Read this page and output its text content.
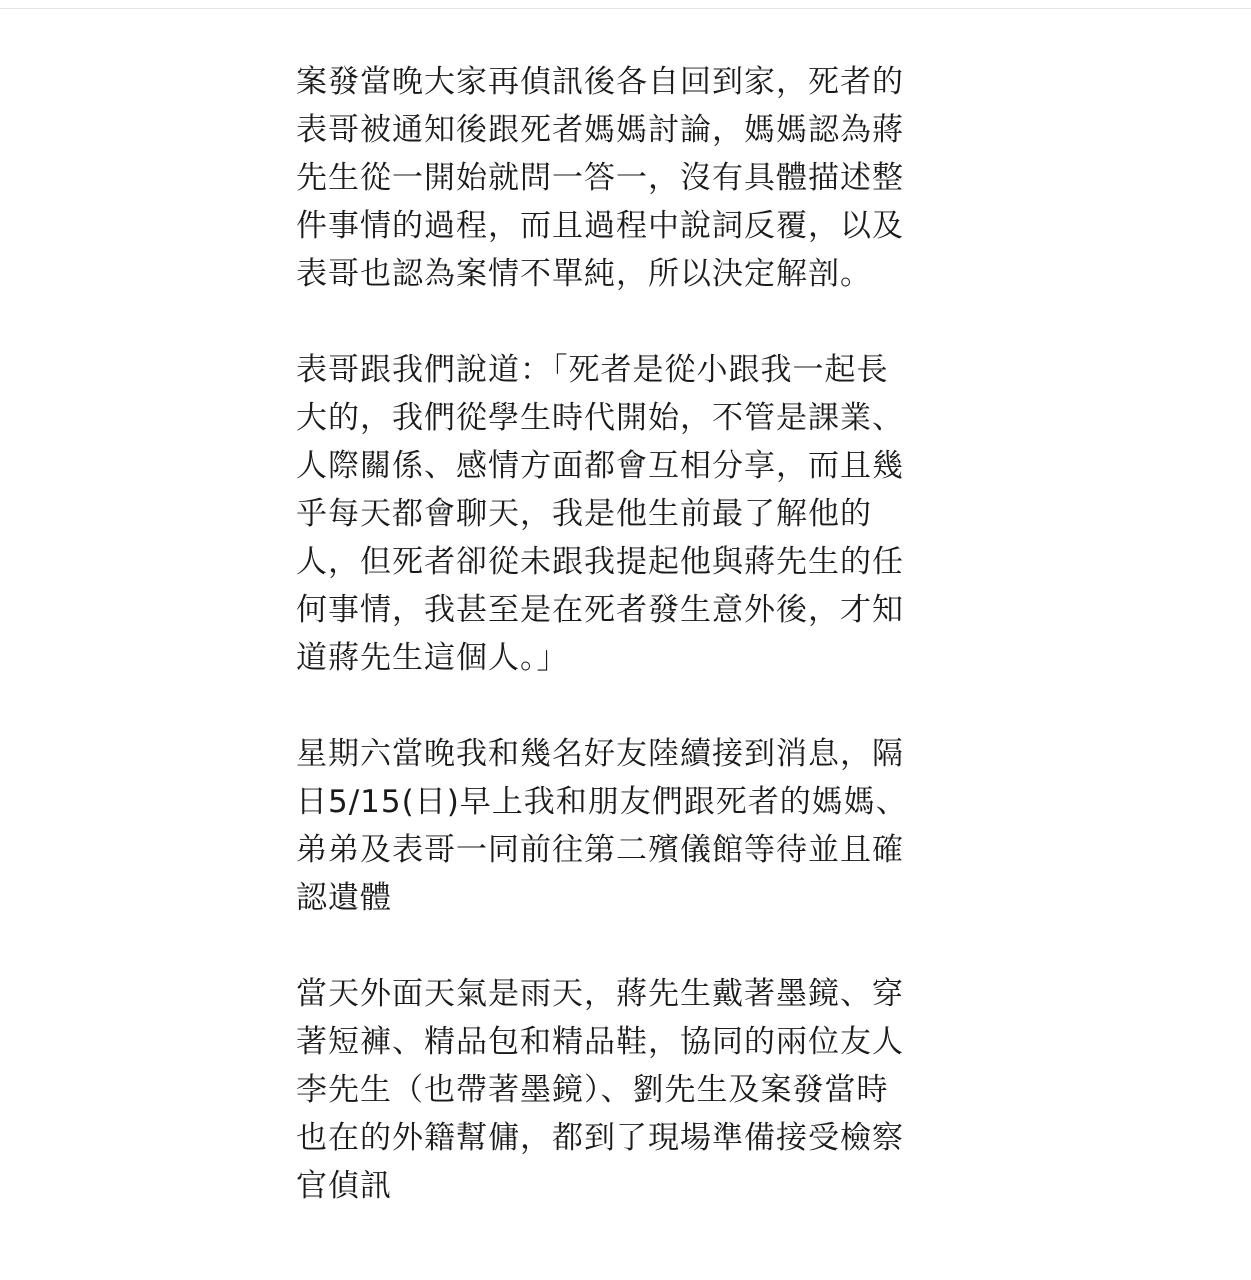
案發當晚大家再偵訊後各自回到家，死者的
表哥被通知後跟死者媽媽討論，媽媽認為蔣
先生從一開始就問一答一，沒有具體描述整
件事情的過程，而且過程中說詞反覆，以及
表哥也認為案情不單純，所以決定解剖。
表哥跟我們說道：「死者是從小跟我一起長
大的，我們從學生時代開始，不管是課業、
人際關係、感情方面都會互相分享，而且幾
乎每天都會聊天，我是他生前最了解他的
人，但死者卻從未跟我提起他與蔣先生的任
何事情，我甚至是在死者發生意外後，才知
道蔣先生這個人。」
星期六當晚我和幾名好友陸續接到消息，隔
日5/15(日)早上我和朋友們跟死者的媽媽、
弟弟及表哥一同前往第二殯儀館等待並且確
認遺體
當天外面天氣是雨天，蔣先生戴著墨鏡、穿
著短褲、精品包和精品鞋，協同的兩位友人
李先生（也帶著墨鏡）、劉先生及案發當時
也在的外籍幫傭，都到了現場準備接受檢察
官偵訊
